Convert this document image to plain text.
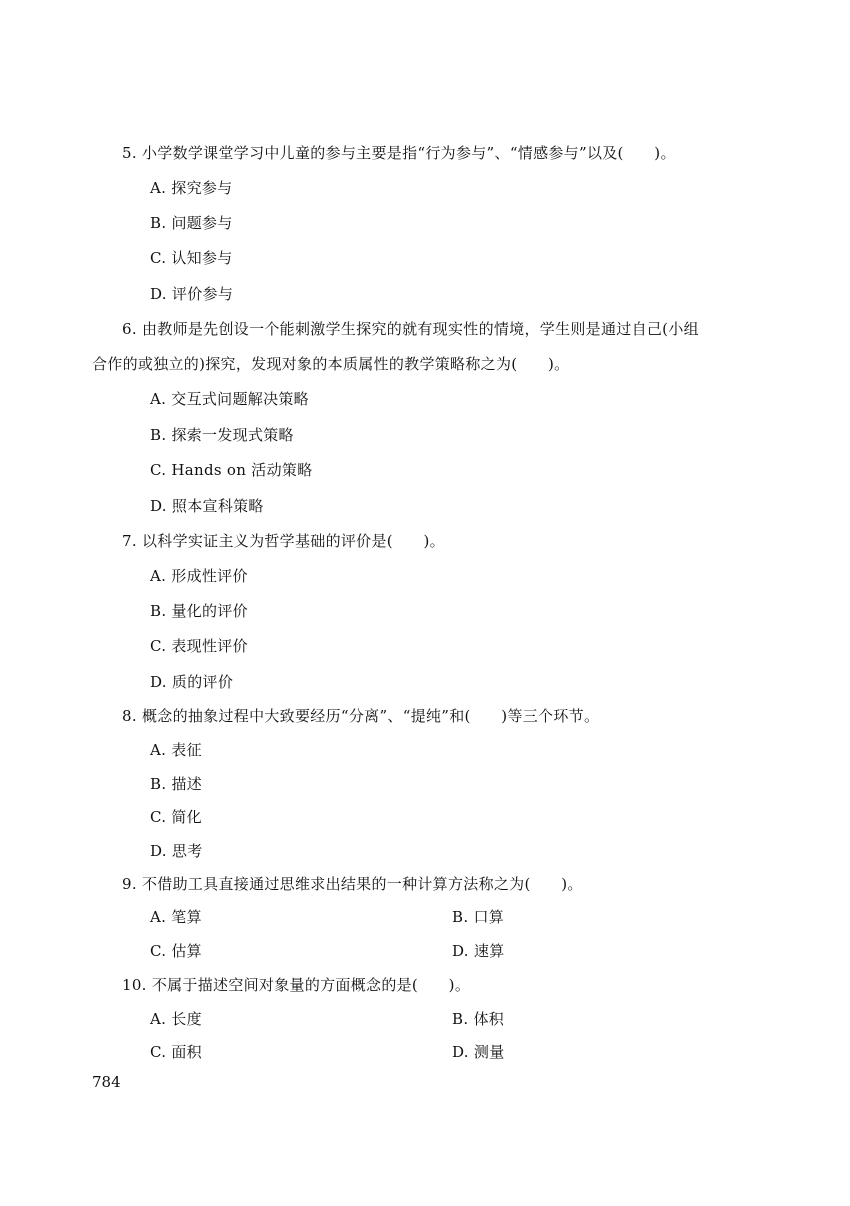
5. 小学数学课堂学习中儿童的参与主要是指“行为参与”、“情感参与”以及(　　)。
A. 探究参与
B. 问题参与
C. 认知参与
D. 评价参与
6. 由教师是先创设一个能刺激学生探究的就有现实性的情境，学生则是通过自己(小组
合作的或独立的)探究，发现对象的本质属性的教学策略称之为(　　)。
A. 交互式问题解决策略
B. 探索一发现式策略
C. Hands on 活动策略
D. 照本宣科策略
7. 以科学实证主义为哲学基础的评价是(　　)。
A. 形成性评价
B. 量化的评价
C. 表现性评价
D. 质的评价
8. 概念的抽象过程中大致要经历“分离”、“提纯”和(　　)等三个环节。
A. 表征
B. 描述
C. 简化
D. 思考
9. 不借助工具直接通过思维求出结果的一种计算方法称之为(　　)。
A. 笔算	B. 口算
C. 估算	D. 速算
10. 不属于描述空间对象量的方面概念的是(　　)。
A. 长度	B. 体积
C. 面积	D. 测量
784
